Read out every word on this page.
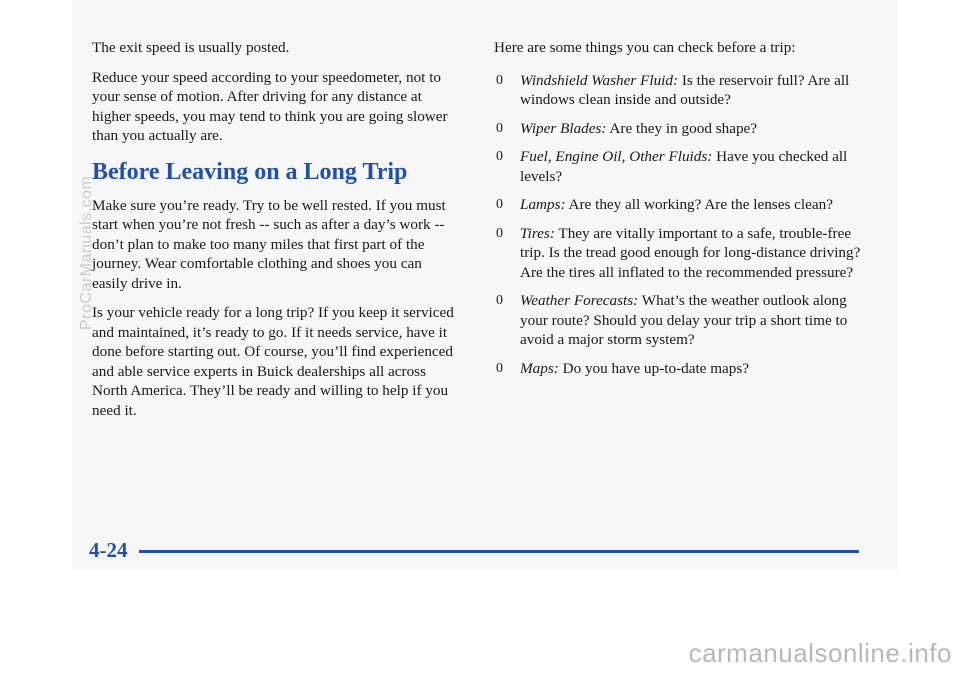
The exit speed is usually posted.

Reduce your speed according to your speedometer, not to your sense of motion. After driving for any distance at higher speeds, you may tend to think you are going slower than you actually are.

Before Leaving on a Long Trip

Make sure you’re ready. Try to be well rested. If you must start when you’re not fresh -- such as after a day’s work -- don’t plan to make too many miles that first part of the journey. Wear comfortable clothing and shoes you can easily drive in.

Is your vehicle ready for a long trip? If you keep it serviced and maintained, it’s ready to go. If it needs service, have it done before starting out. Of course, you’ll find experienced and able service experts in Buick dealerships all across North America. They’ll be ready and willing to help if you need it.

Here are some things you can check before a trip:

0 Windshield Washer Fluid: Is the reservoir full? Are all windows clean inside and outside?
0 Wiper Blades: Are they in good shape?
0 Fuel, Engine Oil, Other Fluids: Have you checked all levels?
0 Lamps: Are they all working? Are the lenses clean?
0 Tires: They are vitally important to a safe, trouble-free trip. Is the tread good enough for long-distance driving? Are the tires all inflated to the recommended pressure?
0 Weather Forecasts: What’s the weather outlook along your route? Should you delay your trip a short time to avoid a major storm system?
0 Maps: Do you have up-to-date maps?
4-24
ProCarManuals.com
carmanualsonline.info
